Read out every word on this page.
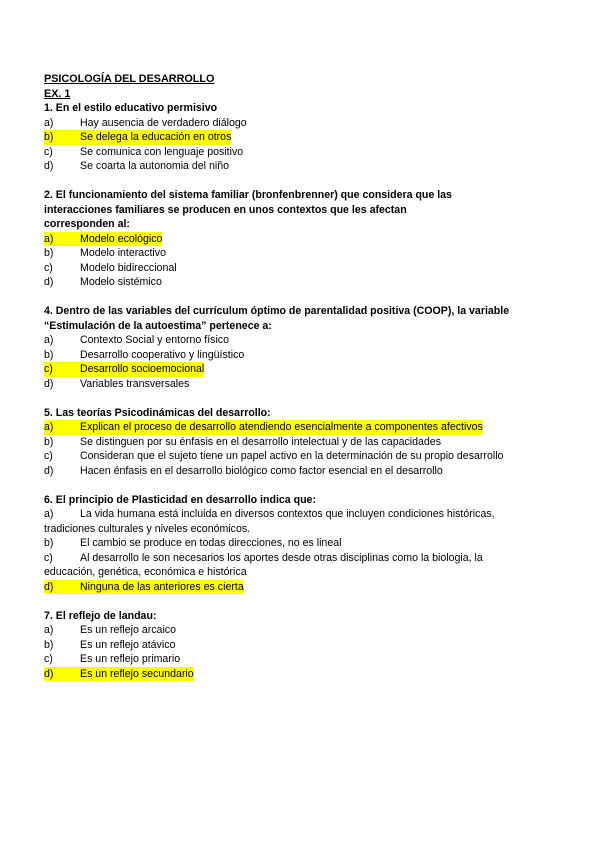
PSICOLOGÍA DEL DESARROLLO
EX. 1
1. En el estilo educativo permisivo
a)	Hay ausencia de verdadero diálogo
b)	Se delega la educación en otros
c)	Se comunica con lenguaje positivo
d)	Se coarta la autonomia del niño
2. El funcionamiento del sistema familiar (bronfenbrenner) que considera que las
interacciones familiares se producen en unos contextos que les afectan
corresponden al:
a)	Modelo ecológico
b)	Modelo interactivo
c)	Modelo bidireccional
d)	Modelo sistémico
4. Dentro de las variables del currículum óptimo de parentalidad positiva (COOP), la variable
“Estimulación de la autoestima” pertenece a:
a)	Contexto Social y entorno físico
b)	Desarrollo cooperativo y lingüístico
c)	Desarrollo socioemocional
d)	Variables transversales
5. Las teorías Psicodinámicas del desarrollo:
a)	Explican el proceso de desarrollo atendiendo esencialmente a componentes afectivos
b)	Se distinguen por su énfasis en el desarrollo intelectual y de las capacidades
c)	Consideran que el sujeto tiene un papel activo en la determinación de su propio desarrollo
d)	Hacen énfasis en el desarrollo biológico como factor esencial en el desarrollo
6. El principio de Plasticidad en desarrollo indica que:
a)	La vida humana está incluida en diversos contextos que incluyen condiciones históricas,
tradiciones culturales y niveles económicos.
b)	El cambio se produce en todas direcciones, no es lineal
c)	Al desarrollo le son necesarios los aportes desde otras disciplinas como la biologia, la
educación, genética, económica e histórica
d)	Ninguna de las anteriores es cierta
7. El reflejo de landau:
a)	Es un reflejo arcaico
b)	Es un reflejo atávico
c)	Es un reflejo primario
d)	Es un reflejo secundario
